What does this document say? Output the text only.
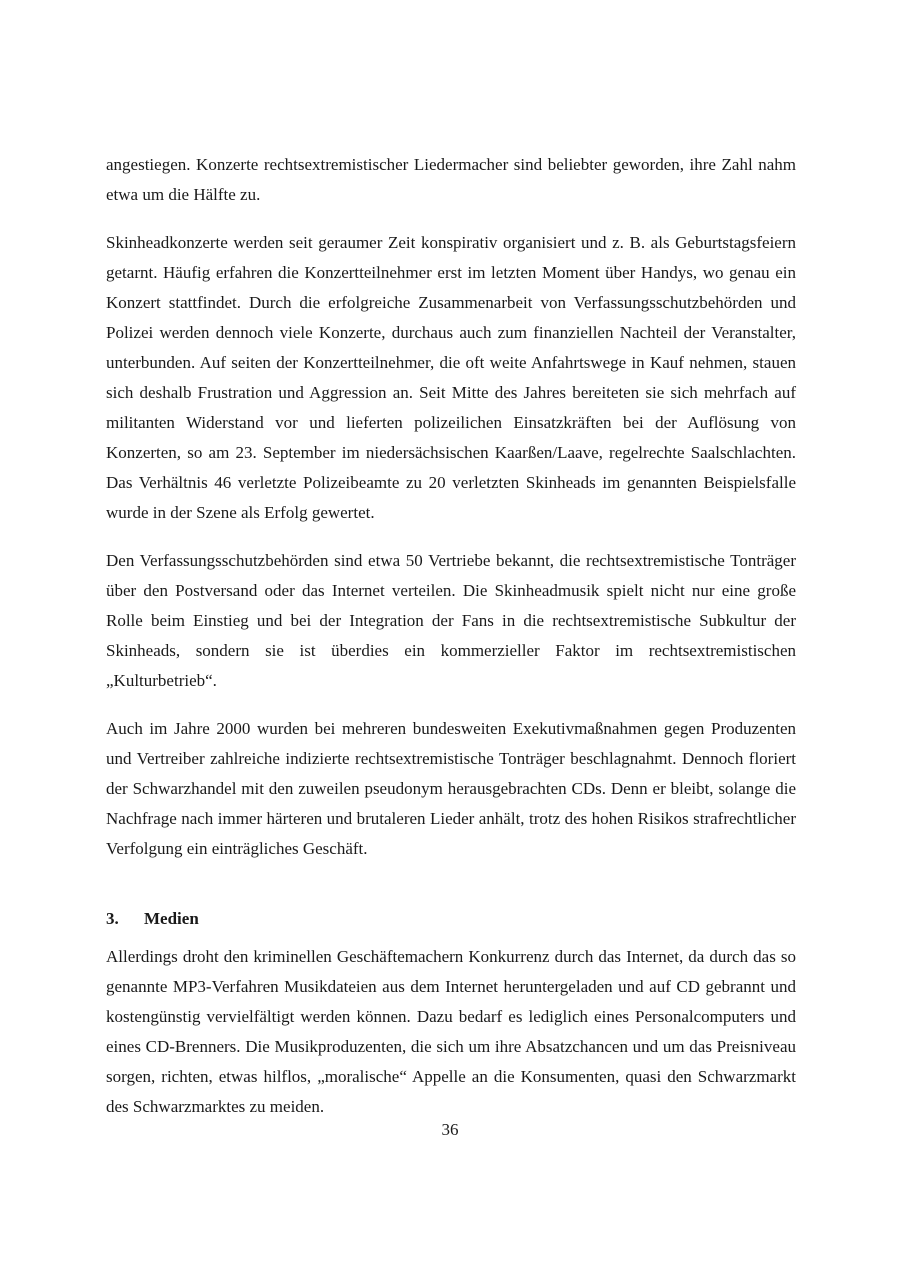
angestiegen. Konzerte rechtsextremistischer Liedermacher sind beliebter geworden, ihre Zahl nahm etwa um die Hälfte zu.

Skinheadkonzerte werden seit geraumer Zeit konspirativ organisiert und z. B. als Geburtstagsfeiern getarnt. Häufig erfahren die Konzertteilnehmer erst im letzten Moment über Handys, wo genau ein Konzert stattfindet. Durch die erfolgreiche Zusammenarbeit von Verfassungsschutzbehörden und Polizei werden dennoch viele Konzerte, durchaus auch zum finanziellen Nachteil der Veranstalter, unterbunden. Auf seiten der Konzertteilnehmer, die oft weite Anfahrtswege in Kauf nehmen, stauen sich deshalb Frustration und Aggression an. Seit Mitte des Jahres bereiteten sie sich mehrfach auf militanten Widerstand vor und lieferten polizeilichen Einsatzkräften bei der Auflösung von Konzerten, so am 23. September im niedersächsischen Kaarßen/Laave, regelrechte Saalschlachten. Das Verhältnis 46 verletzte Polizeibeamte zu 20 verletzten Skinheads im genannten Beispielsfalle wurde in der Szene als Erfolg gewertet.

Den Verfassungsschutzbehörden sind etwa 50 Vertriebe bekannt, die rechtsextremistische Tonträger über den Postversand oder das Internet verteilen. Die Skinheadmusik spielt nicht nur eine große Rolle beim Einstieg und bei der Integration der Fans in die rechtsextremistische Subkultur der Skinheads, sondern sie ist überdies ein kommerzieller Faktor im rechtsextremistischen „Kulturbetrieb“.

Auch im Jahre 2000 wurden bei mehreren bundesweiten Exekutivmaßnahmen gegen Produzenten und Vertreiber zahlreiche indizierte rechtsextremistische Tonträger beschlagnahmt. Dennoch floriert der Schwarzhandel mit den zuweilen pseudonym herausgebrachten CDs. Denn er bleibt, solange die Nachfrage nach immer härteren und brutaleren Lieder anhält, trotz des hohen Risikos strafrechtlicher Verfolgung ein einträgliches Geschäft.

3. Medien

Allerdings droht den kriminellen Geschäftemachern Konkurrenz durch das Internet, da durch das so genannte MP3-Verfahren Musikdateien aus dem Internet heruntergeladen und auf CD gebrannt und kostengünstig vervielfältigt werden können. Dazu bedarf es lediglich eines Personalcomputers und eines CD-Brenners. Die Musikproduzenten, die sich um ihre Absatzchancen und um das Preisniveau sorgen, richten, etwas hilflos, „moralische“ Appelle an die Konsumenten, quasi den Schwarzmarkt des Schwarzmarktes zu meiden.

36
